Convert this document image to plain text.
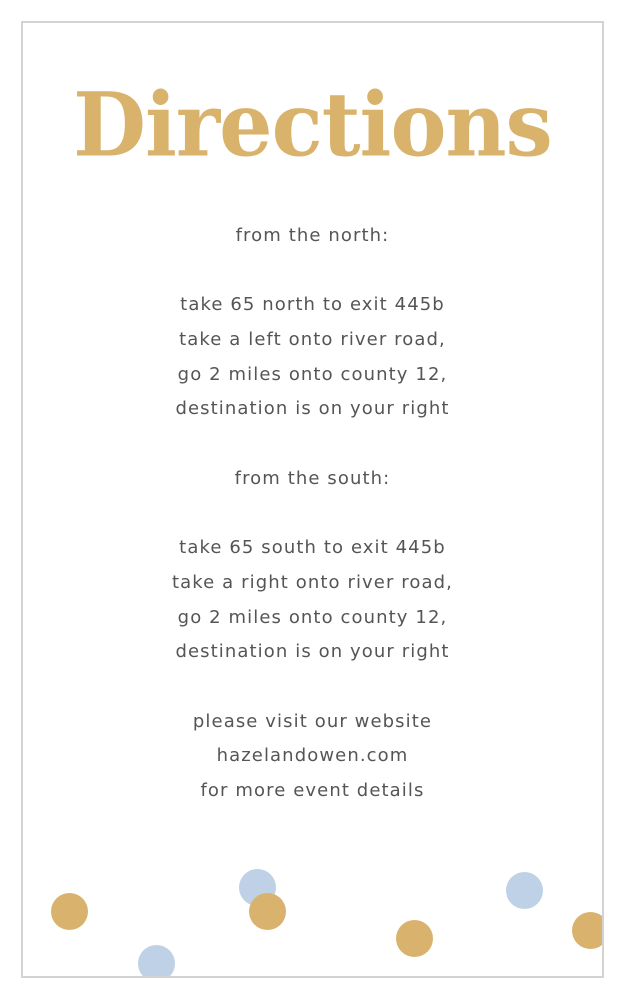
Directions
from the north:
take 65 north to exit 445b
take a left onto river road,
go 2 miles onto county 12,
destination is on your right
from the south:
take 65 south to exit 445b
take a right onto river road,
go 2 miles onto county 12,
destination is on your right
please visit our website
hazelandowen.com
for more event details
